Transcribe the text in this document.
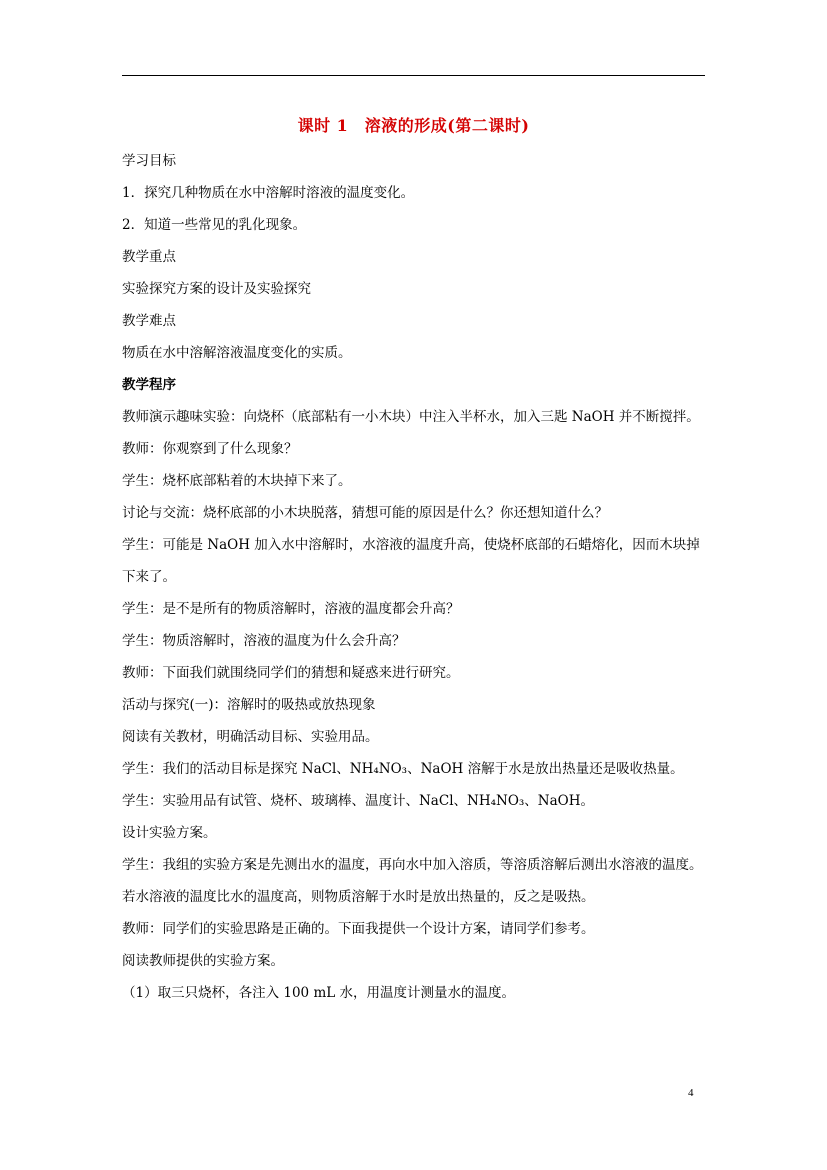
课时 1　溶液的形成(第二课时)

学习目标

1．探究几种物质在水中溶解时溶液的温度变化。

2．知道一些常见的乳化现象。

教学重点

实验探究方案的设计及实验探究

教学难点

物质在水中溶解溶液温度变化的实质。

教学程序

教师演示趣味实验：向烧杯（底部粘有一小木块）中注入半杯水，加入三匙 NaOH 并不断搅拌。

教师：你观察到了什么现象？

学生：烧杯底部粘着的木块掉下来了。

讨论与交流：烧杯底部的小木块脱落，猜想可能的原因是什么？你还想知道什么？

学生：可能是 NaOH 加入水中溶解时，水溶液的温度升高，使烧杯底部的石蜡熔化，因而木块掉下来了。

学生：是不是所有的物质溶解时，溶液的温度都会升高？

学生：物质溶解时，溶液的温度为什么会升高？

教师：下面我们就围绕同学们的猜想和疑惑来进行研究。

活动与探究(一)：溶解时的吸热或放热现象

阅读有关教材，明确活动目标、实验用品。

学生：我们的活动目标是探究 NaCl、NH₄NO₃、NaOH 溶解于水是放出热量还是吸收热量。

学生：实验用品有试管、烧杯、玻璃棒、温度计、NaCl、NH₄NO₃、NaOH。

设计实验方案。

学生：我组的实验方案是先测出水的温度，再向水中加入溶质，等溶质溶解后测出水溶液的温度。若水溶液的温度比水的温度高，则物质溶解于水时是放出热量的，反之是吸热。

教师：同学们的实验思路是正确的。下面我提供一个设计方案，请同学们参考。

阅读教师提供的实验方案。

（1）取三只烧杯，各注入 100 mL 水，用温度计测量水的温度。

4
